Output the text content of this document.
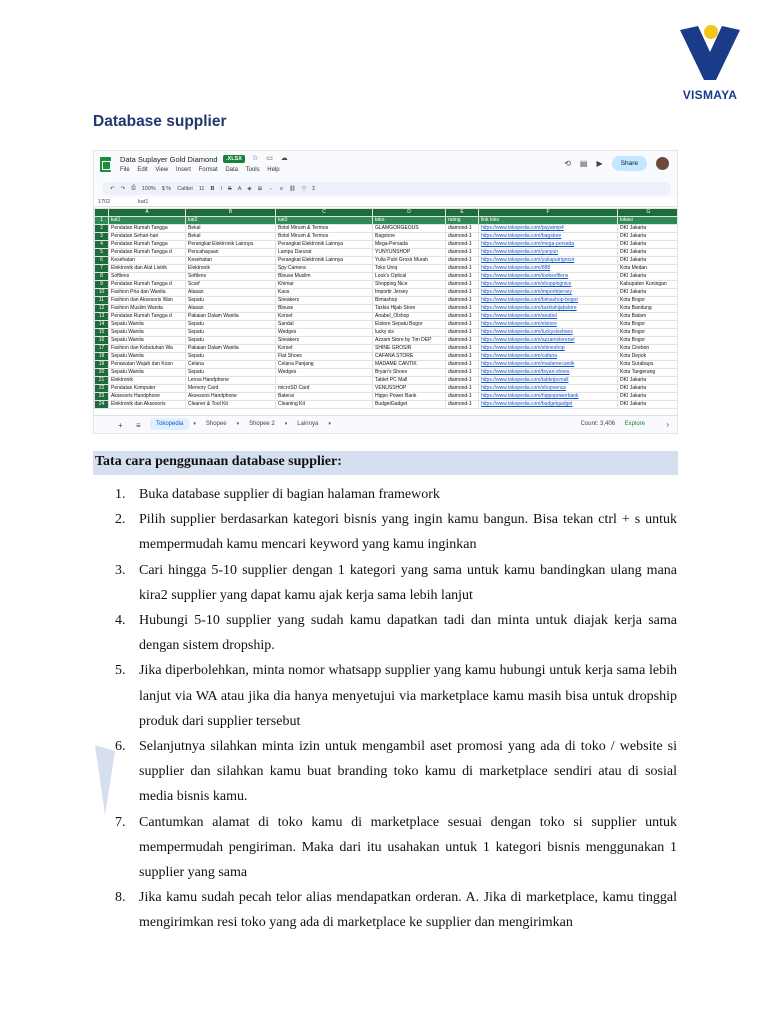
VISMAYA
Database supplier
Data Suplayer Gold Diamond	.XLSX	☆ ▭ ☁
File Edit View Insert Format Data Tools Help
⟲ ▤ ▶	Share
↶ ↷ ⎙ 100% $ % Calibri 11 B I S A ◈ ⊞ ⇔ ≡ ⛓ ▽ Σ
1702	kat1
	A	B	C	D	E	F	G
1	kat1	kat2	kat3	toko	rating	link toko	lokasi
2	Peralatan Rumah Tangga	Bekal	Botol Minum & Termos	GLAMGORGEOUS	diamond-1	https://www.tokopedia.com/puyatmp4	DKI Jakarta
3	Peralatan Sehari-hari	Bekal	Botol Minum & Termos	Bagstore	diamond-1	https://www.tokopedia.com/bagstore	DKI Jakarta
4	Peralatan Rumah Tangga	Perangkat Elektronik Lainnya	Perangkat Elektronik Lainnya	Mega-Persada	diamond-1	https://www.tokopedia.com/mega-persada	DKI Jakarta
5	Peralatan Rumah Tangga d	Pencahayaan	Lampu Darurat	YUNYUNSHOP	diamond-1	https://www.tokopedia.com/yunyun	DKI Jakarta
6	Kesehatan	Kesehatan	Perangkat Elektronik Lainnya	Yulia Putri Grosir Murah	diamond-1	https://www.tokopedia.com/yuliaputrigrosir	DKI Jakarta
7	Elektronik dan Alat Listrik	Elektronik	Spy Camera	Toko Uniq	diamond-1	https://www.tokopedia.com/888	Kota Medan
8	Softlens	Softlens	Blouse Muslim	Look's Optical	diamond-1	https://www.tokopedia.com/looksoftlens	DKI Jakarta
9	Peralatan Rumah Tangga d	Scarf	Khimar	Shopping Nice	diamond-1	https://www.tokopedia.com/shoppingnice	Kabupaten Kuningan
10	Fashion Pria dan Wanita	Atasan	Kaos	Importir Jersey	diamond-1	https://www.tokopedia.com/importirjersey	DKI Jakarta
11	Fashion dan Aksesoris Wan	Sepatu	Sneakers	Bimashop	diamond-1	https://www.tokopedia.com/bimashop-bogor	Kota Bogor
12	Fashion Muslim Wanita	Atasan	Blouse	Tazkia Hijab Store	diamond-1	https://www.tokopedia.com/tazkiahijabstore	Kota Bandung
13	Peralatan Rumah Tangga d	Pakaian Dalam Wanita	Korset	Anabel_Olshop	diamond-1	https://www.tokopedia.com/anabel	Kota Batam
14	Sepatu Wanita	Sepatu	Sandal	Elstore Sepatu Bogor	diamond-1	https://www.tokopedia.com/elstore	Kota Bogor
15	Sepatu Wanita	Sepatu	Wedges	lucky sis	diamond-1	https://www.tokopedia.com/luckysisshoes	Kota Bogor
16	Sepatu Wanita	Sepatu	Sneakers	Azzam Store by Tim DEP	diamond-1	https://www.tokopedia.com/azzamstorenet	Kota Bogor
17	Fashion dan Kebutuhan Wa	Pakaian Dalam Wanita	Korset	SHINE GROSIR	diamond-1	https://www.tokopedia.com/shineshop	Kota Cirebon
18	Sepatu Wanita	Sepatu	Flat Shoes	CAFANA STORE	diamond-1	https://www.tokopedia.com/cafana	Kota Depok
19	Perawatan Wajah dan Kosn	Celana	Celana Panjang	MADAME CANTIK	diamond-1	https://www.tokopedia.com/madamecantik	Kota Surabaya
20	Sepatu Wanita	Sepatu	Wedges	Bryan's Shoes	diamond-1	https://www.tokopedia.com/bryan-shoes	Kota Tangerang
21	Elektronik	Lensa Handphone		Tablet PC Mall	diamond-1	https://www.tokopedia.com/tabletpcmall	DKI Jakarta
22	Peralatan Komputer	Memory Card	microSD Card	VENUSSHOP	diamond-1	https://www.tokopedia.com/shopvenus	DKI Jakarta
23	Aksesoris Handphone	Aksesoris Handphone	Baterai	Hippo Power Bank	diamond-1	https://www.tokopedia.com/hippopowerbank	DKI Jakarta
24	Elektronik dan Aksesoris	Cleaner & Tool Kit	Cleaning Kit	BudgetGadget	diamond-1	https://www.tokopedia.com/budgetgadget	DKI Jakarta
+ ≡	Tokopedia	▾	Shopee	▾	Shopee 2	▾	Lainnya	▾	Count: 3,406 Explore	›
Tata cara penggunaan database supplier:
1. Buka database supplier di bagian halaman framework
2. Pilih supplier berdasarkan kategori bisnis yang ingin kamu bangun. Bisa tekan ctrl + s untuk mempermudah kamu mencari keyword yang kamu inginkan
3. Cari hingga 5-10 supplier dengan 1 kategori yang sama untuk kamu bandingkan ulang mana kira2 supplier yang dapat kamu ajak kerja sama lebih lanjut
4. Hubungi 5-10 supplier yang sudah kamu dapatkan tadi dan minta untuk diajak kerja sama dengan sistem dropship.
5. Jika diperbolehkan, minta nomor whatsapp supplier yang kamu hubungi untuk kerja sama lebih lanjut via WA atau jika dia hanya menyetujui via marketplace kamu masih bisa untuk dropship produk dari supplier tersebut
6. Selanjutnya silahkan minta izin untuk mengambil aset promosi yang ada di toko / website si supplier dan silahkan kamu buat branding toko kamu di marketplace sendiri atau di sosial media bisnis kamu.
7. Cantumkan alamat di toko kamu di marketplace sesuai dengan toko si supplier untuk mempermudah pengiriman. Maka dari itu usahakan untuk 1 kategori bisnis menggunakan 1 supplier yang sama
8. Jika kamu sudah pecah telor alias mendapatkan orderan. A. Jika di marketplace, kamu tinggal mengirimkan resi toko yang ada di marketplace ke supplier dan mengirimkan
